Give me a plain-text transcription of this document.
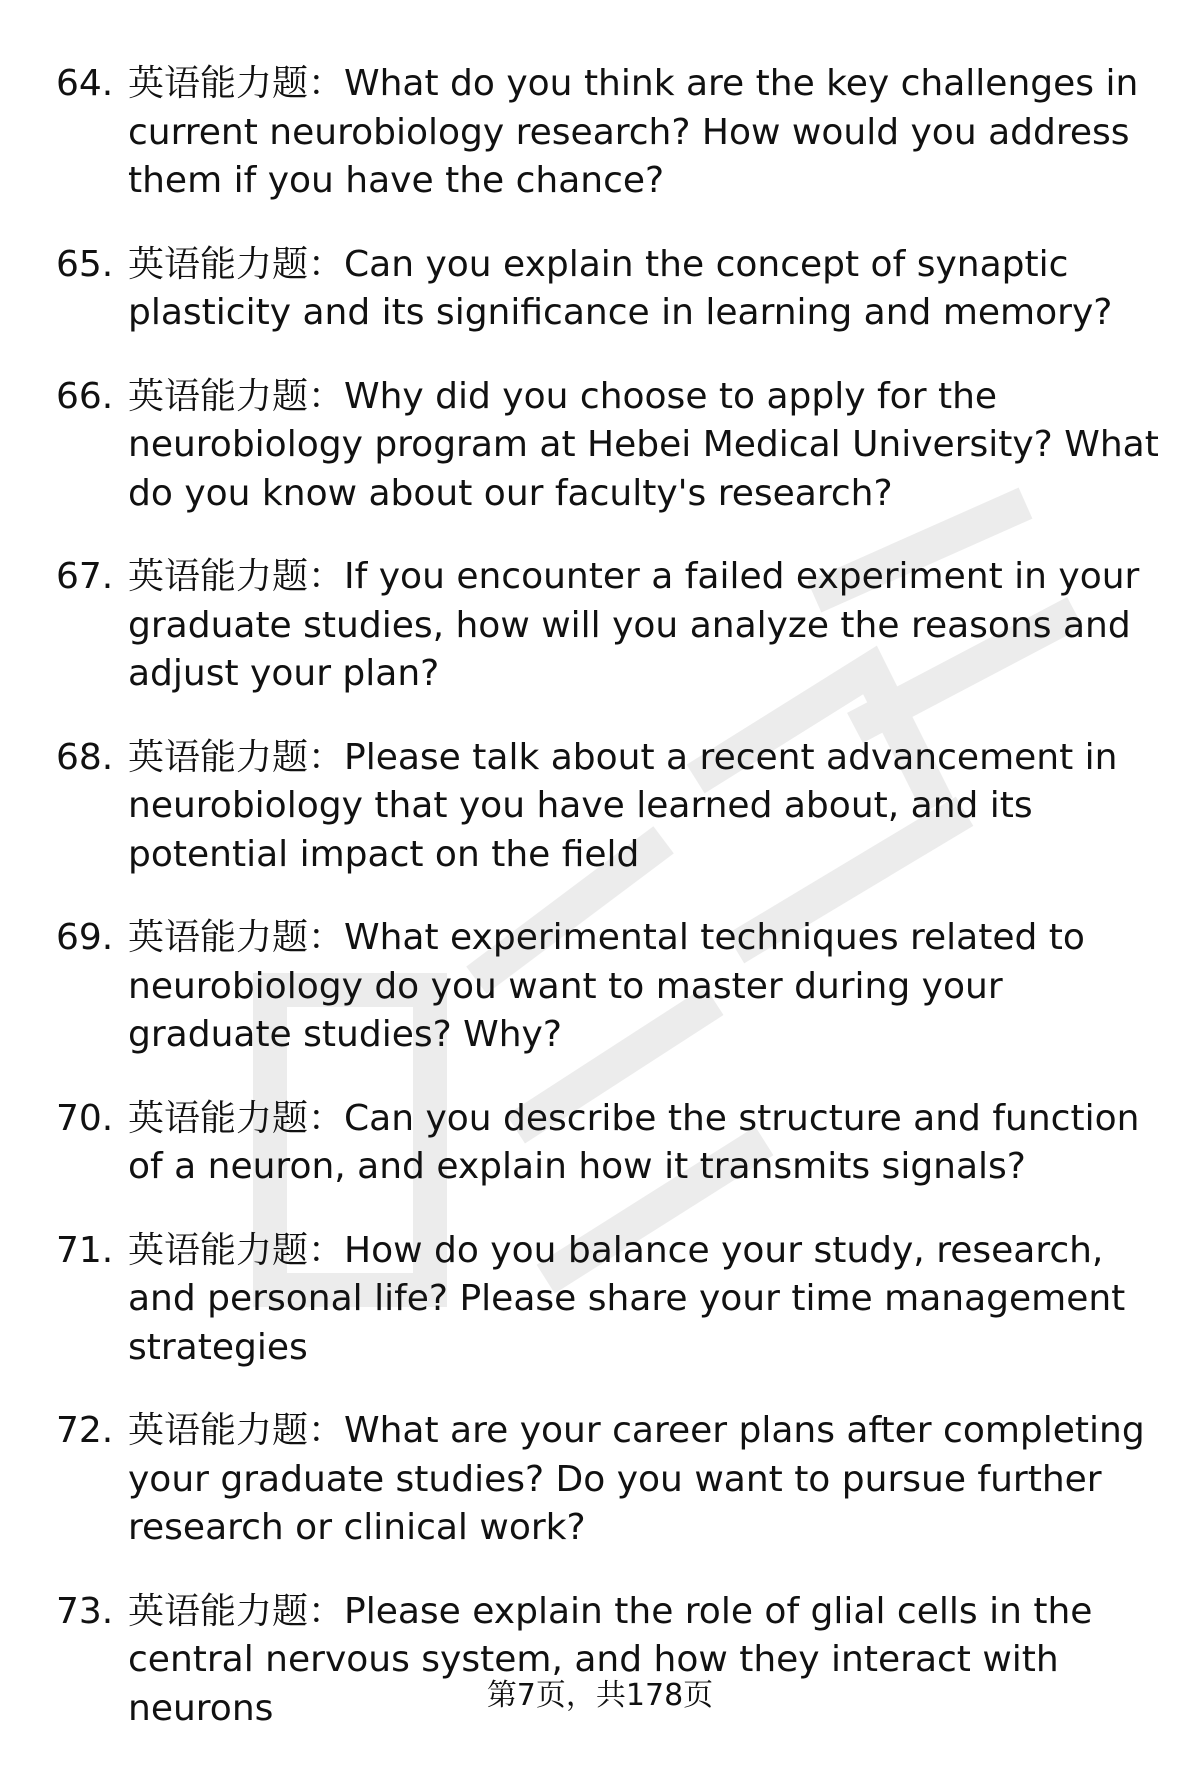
64. 英语能力题：What do you think are the key challenges in current neurobiology research? How would you address them if you have the chance?
65. 英语能力题：Can you explain the concept of synaptic plasticity and its significance in learning and memory?
66. 英语能力题：Why did you choose to apply for the neurobiology program at Hebei Medical University? What do you know about our faculty's research?
67. 英语能力题：If you encounter a failed experiment in your graduate studies, how will you analyze the reasons and adjust your plan?
68. 英语能力题：Please talk about a recent advancement in neurobiology that you have learned about, and its potential impact on the field
69. 英语能力题：What experimental techniques related to neurobiology do you want to master during your graduate studies? Why?
70. 英语能力题：Can you describe the structure and function of a neuron, and explain how it transmits signals?
71. 英语能力题：How do you balance your study, research, and personal life? Please share your time management strategies
72. 英语能力题：What are your career plans after completing your graduate studies? Do you want to pursue further research or clinical work?
73. 英语能力题：Please explain the role of glial cells in the central nervous system, and how they interact with neurons	第7页，共178页
